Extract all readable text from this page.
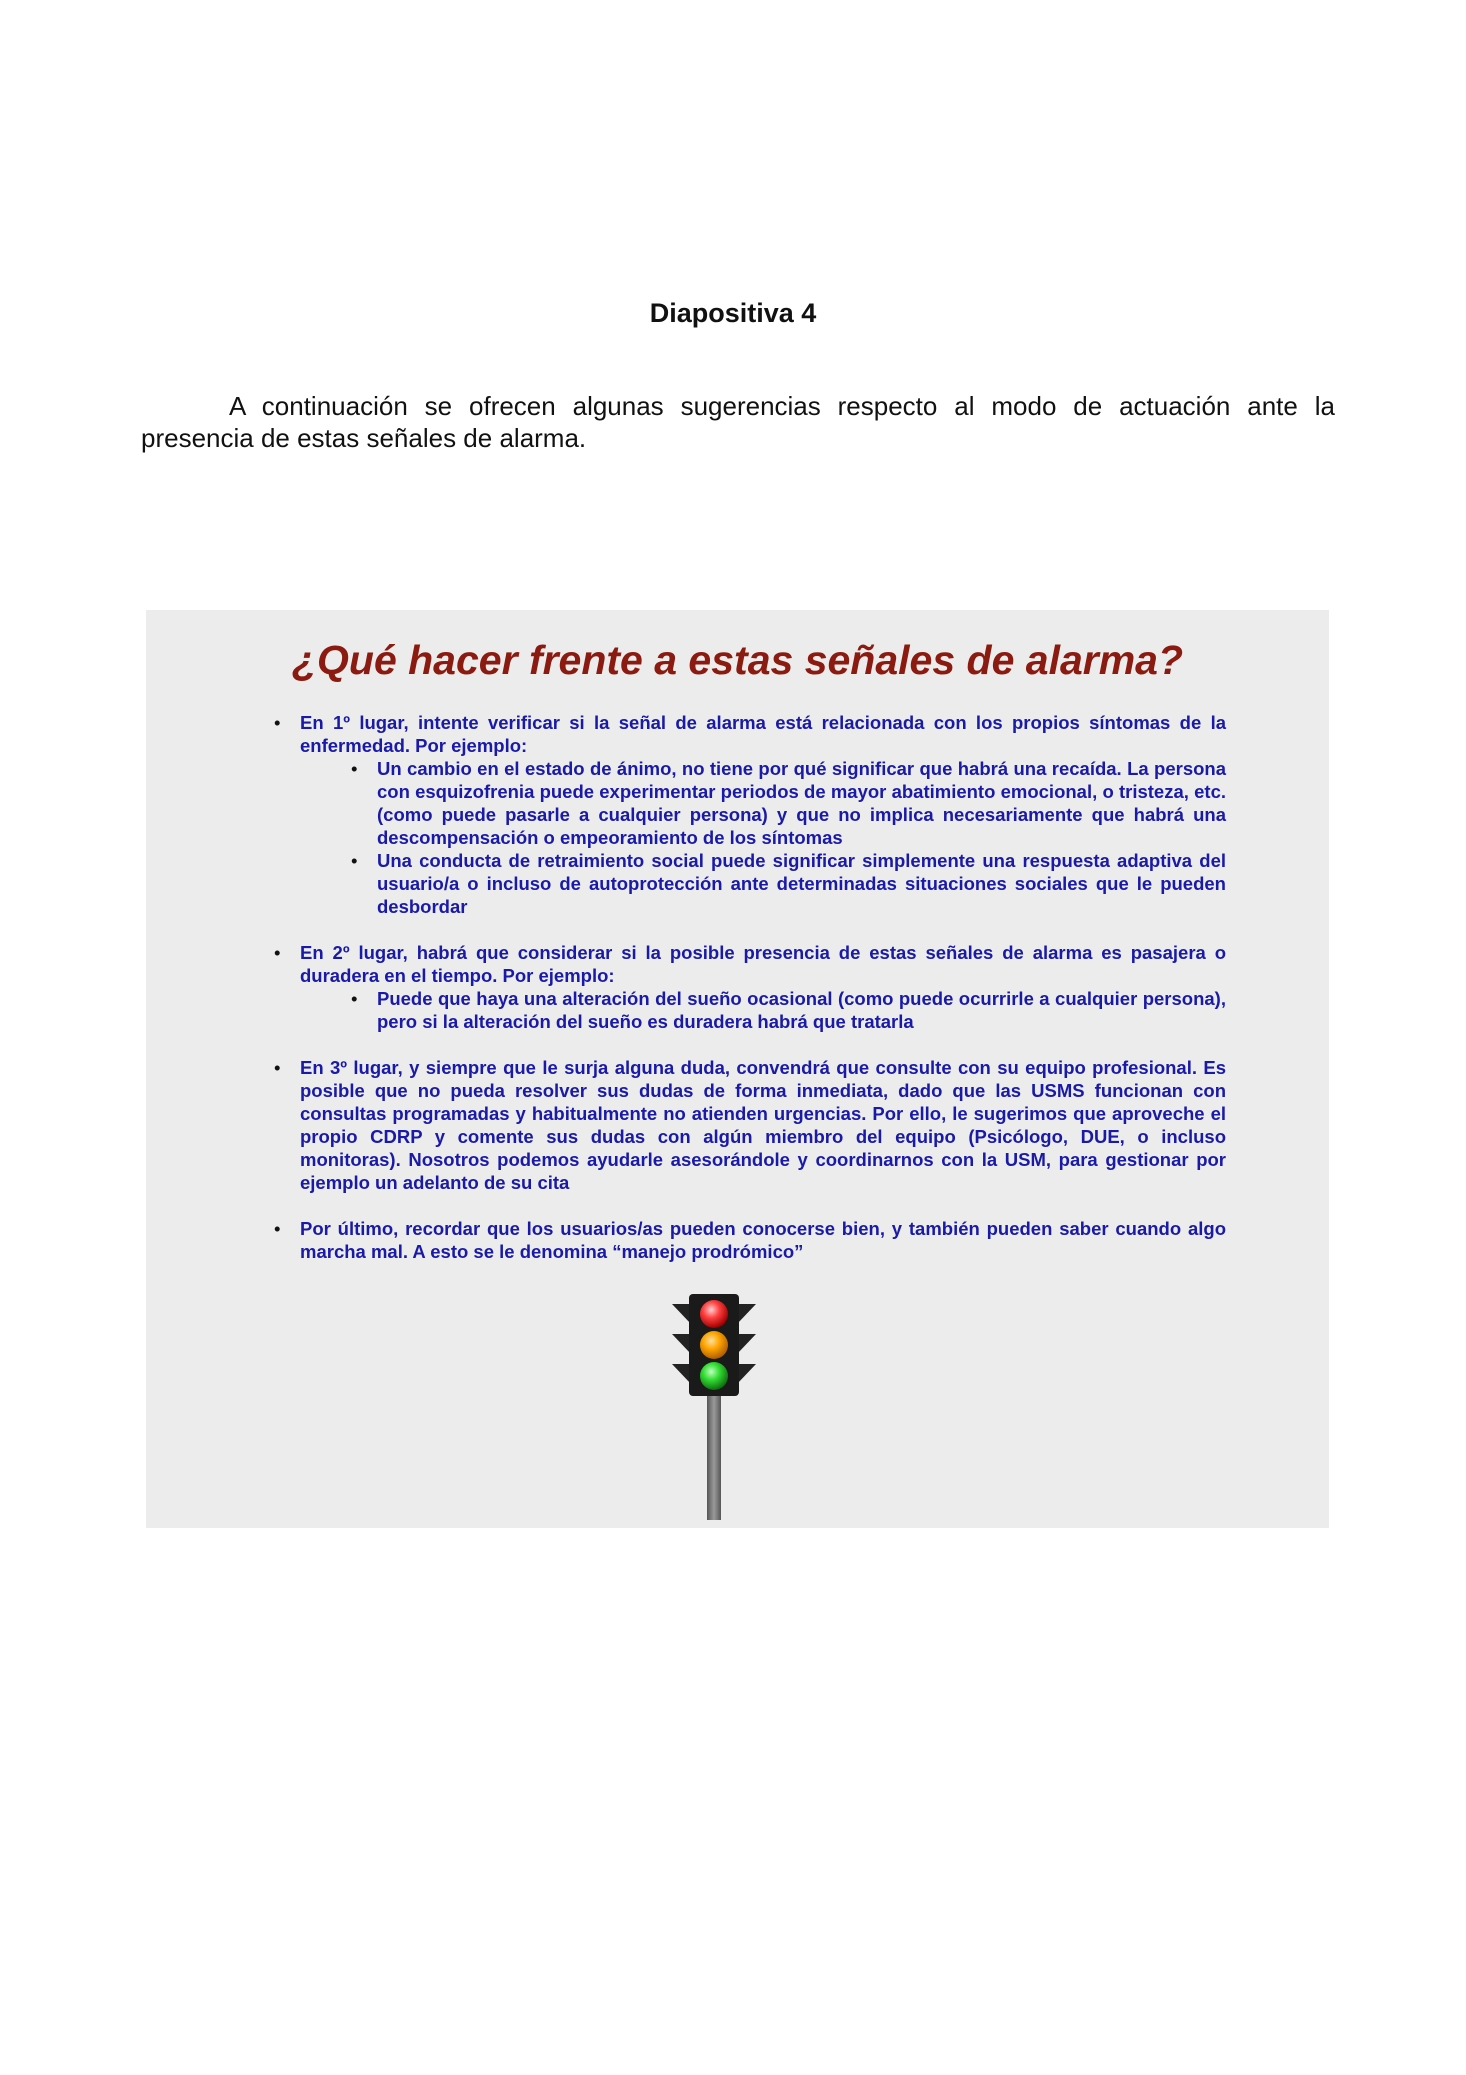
Diapositiva 4

A continuación se ofrecen algunas sugerencias respecto al modo de actuación ante la presencia de estas señales de alarma.

¿Qué hacer frente a estas señales de alarma?
• En 1º lugar, intente verificar si la señal de alarma está relacionada con los propios síntomas de la enfermedad. Por ejemplo:
• Un cambio en el estado de ánimo, no tiene por qué significar que habrá una recaída. La persona con esquizofrenia puede experimentar periodos de mayor abatimiento emocional, o tristeza, etc. (como puede pasarle a cualquier persona) y que no implica necesariamente que habrá una descompensación o empeoramiento de los síntomas
• Una conducta de retraimiento social puede significar simplemente una respuesta adaptiva del usuario/a o incluso de autoprotección ante determinadas situaciones sociales que le pueden desbordar
• En 2º lugar, habrá que considerar si la posible presencia de estas señales de alarma es pasajera o duradera en el tiempo. Por ejemplo:
• Puede que haya una alteración del sueño ocasional (como puede ocurrirle a cualquier persona), pero si la alteración del sueño es duradera habrá que tratarla
• En 3º lugar, y siempre que le surja alguna duda, convendrá que consulte con su equipo profesional. Es posible que no pueda resolver sus dudas de forma inmediata, dado que las USMS funcionan con consultas programadas y habitualmente no atienden urgencias. Por ello, le sugerimos que aproveche el propio CDRP y comente sus dudas con algún miembro del equipo (Psicólogo, DUE, o incluso monitoras). Nosotros podemos ayudarle asesorándole y coordinarnos con la USM, para gestionar por ejemplo un adelanto de su cita
• Por último, recordar que los usuarios/as pueden conocerse bien, y también pueden saber cuando algo marcha mal. A esto se le denomina “manejo prodrómico”
